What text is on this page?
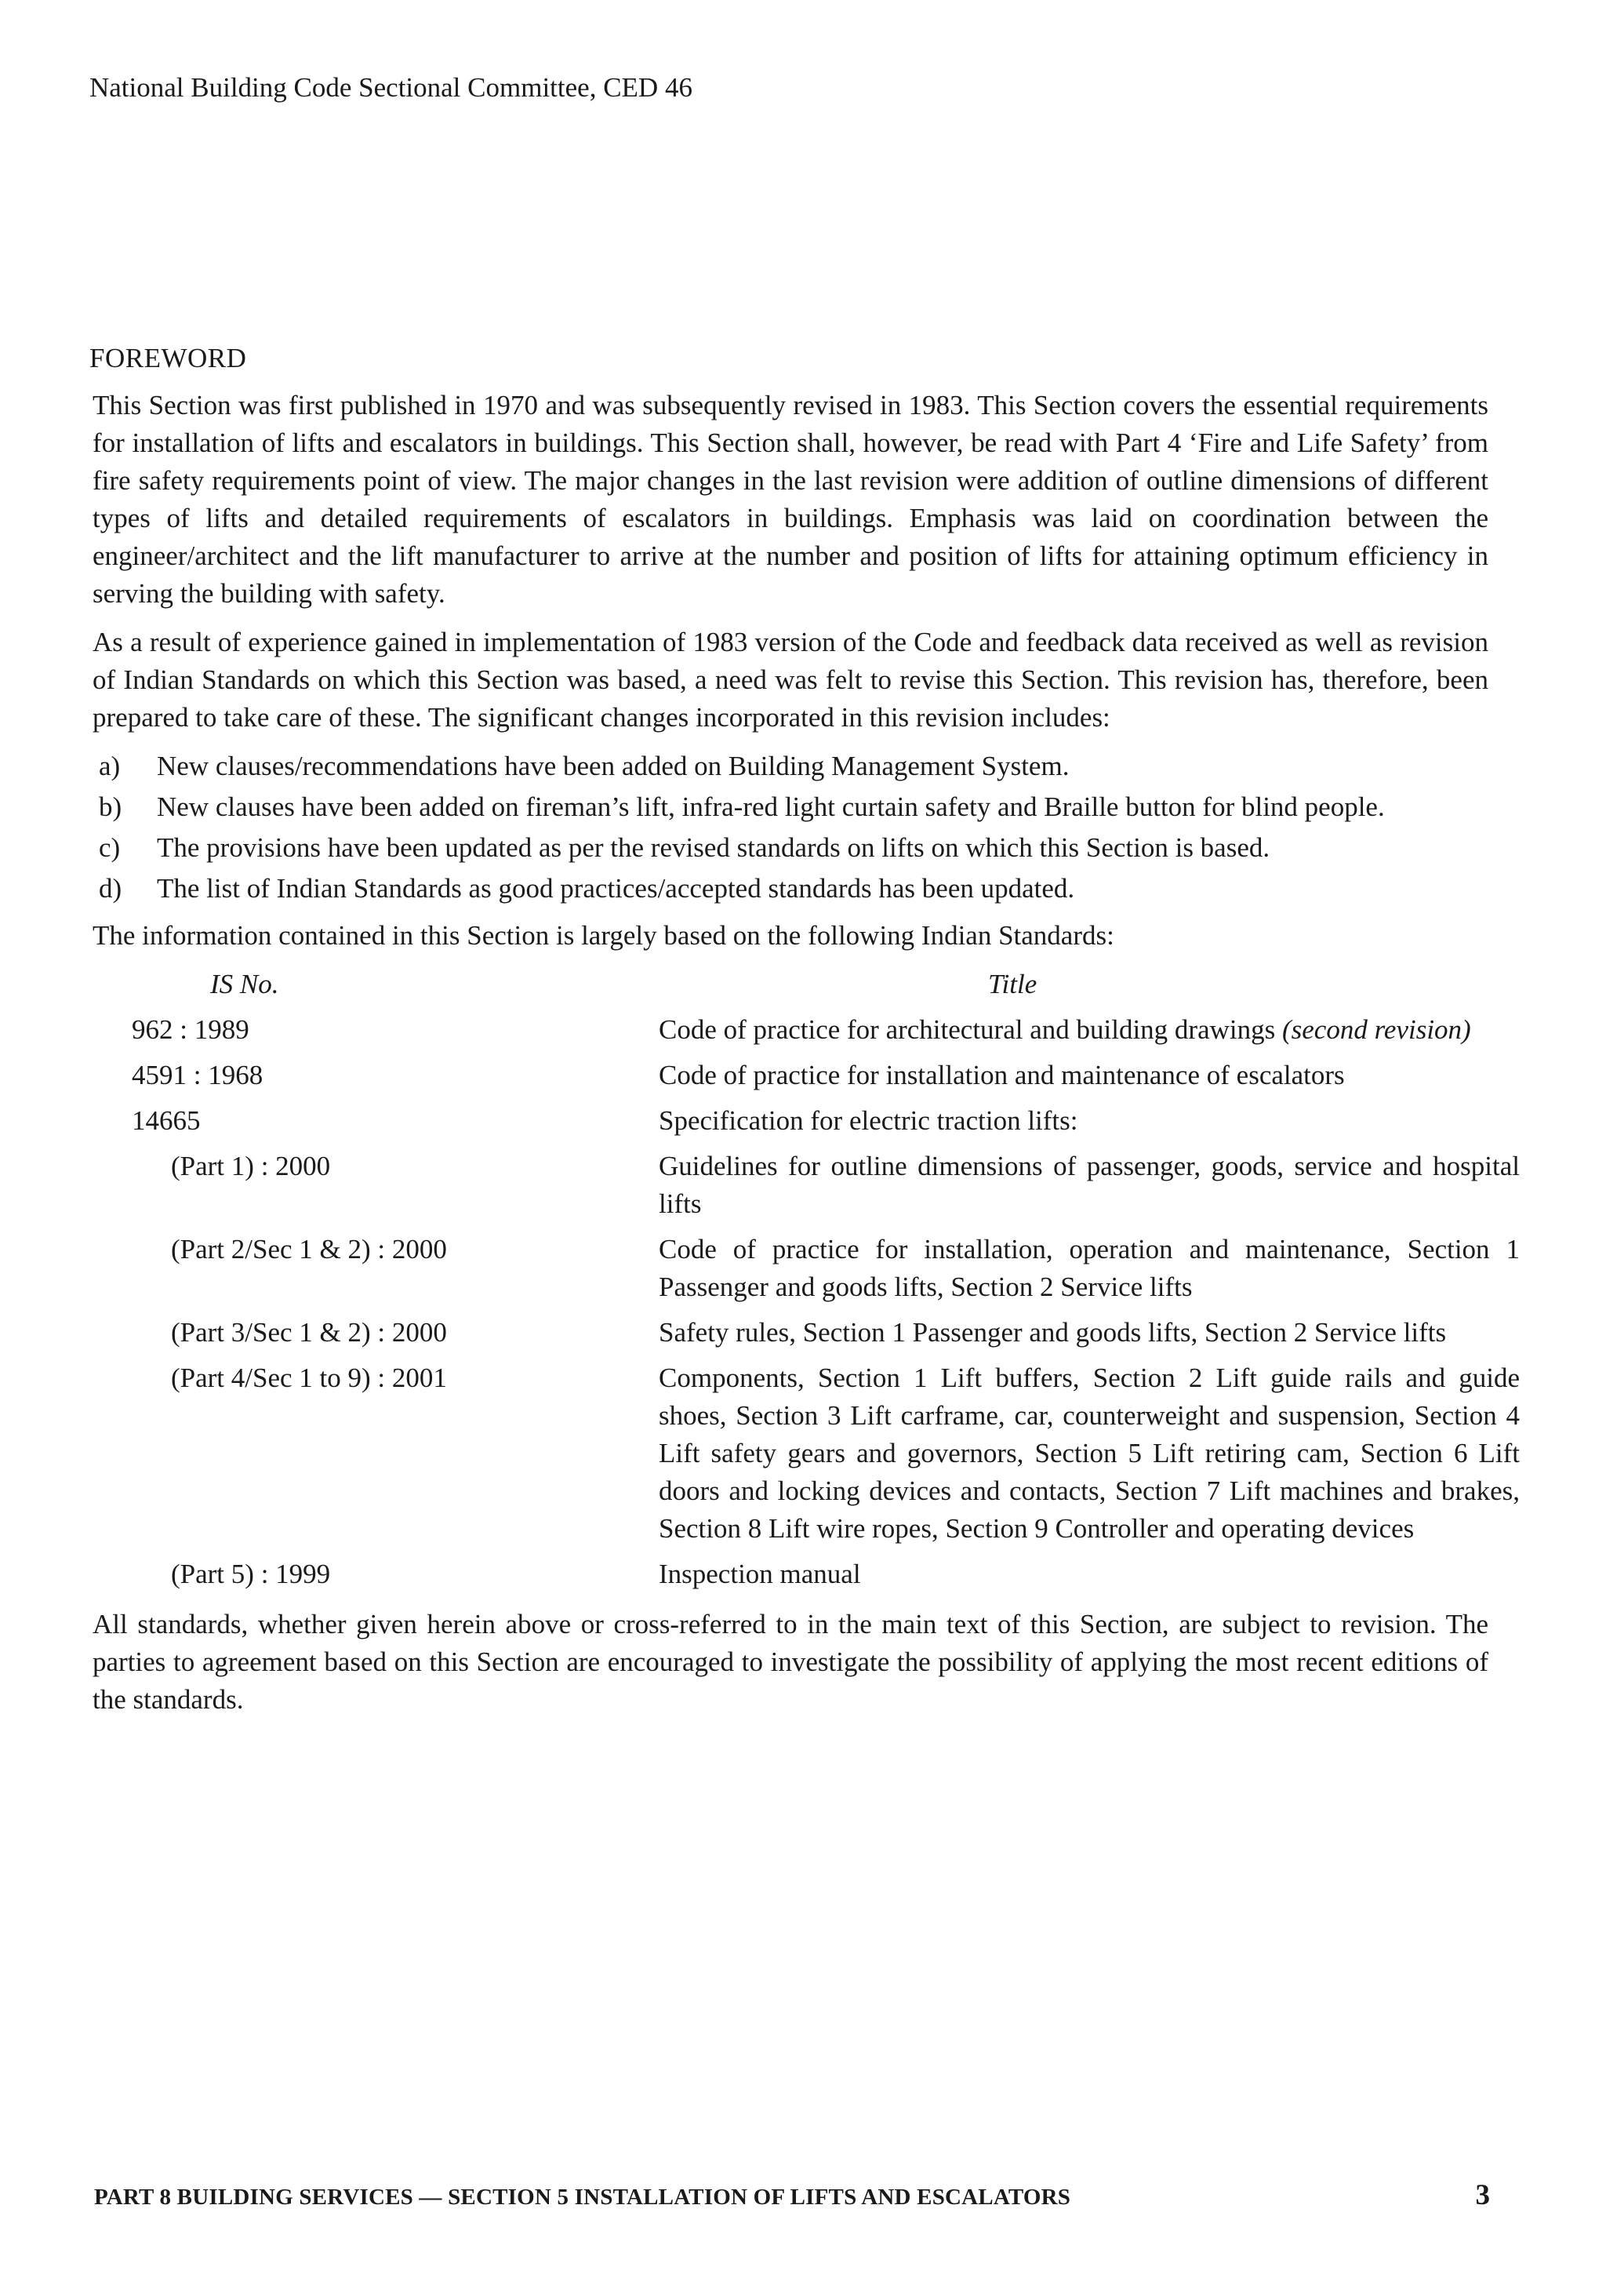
National Building Code Sectional Committee, CED 46
FOREWORD

This Section was first published in 1970 and was subsequently revised in 1983. This Section covers the essential requirements for installation of lifts and escalators in buildings. This Section shall, however, be read with Part 4 ‘Fire and Life Safety’ from fire safety requirements point of view. The major changes in the last revision were addition of outline dimensions of different types of lifts and detailed requirements of escalators in buildings. Emphasis was laid on coordination between the engineer/architect and the lift manufacturer to arrive at the number and position of lifts for attaining optimum efficiency in serving the building with safety.

As a result of experience gained in implementation of 1983 version of the Code and feedback data received as well as revision of Indian Standards on which this Section was based, a need was felt to revise this Section. This revision has, therefore, been prepared to take care of these. The significant changes incorporated in this revision includes:

a)	New clauses/recommendations have been added on Building Management System.
b)	New clauses have been added on fireman’s lift, infra-red light curtain safety and Braille button for blind people.
c)	The provisions have been updated as per the revised standards on lifts on which this Section is based.
d)	The list of Indian Standards as good practices/accepted standards has been updated.

The information contained in this Section is largely based on the following Indian Standards:

IS No.	Title
962 : 1989	Code of practice for architectural and building drawings (second revision)
4591 : 1968	Code of practice for installation and maintenance of escalators
14665	Specification for electric traction lifts:
(Part 1) : 2000	Guidelines for outline dimensions of passenger, goods, service and hospital lifts
(Part 2/Sec 1 & 2) : 2000	Code of practice for installation, operation and maintenance, Section 1 Passenger and goods lifts, Section 2 Service lifts
(Part 3/Sec 1 & 2) : 2000	Safety rules, Section 1 Passenger and goods lifts, Section 2 Service lifts
(Part 4/Sec 1 to 9) : 2001	Components, Section 1 Lift buffers, Section 2 Lift guide rails and guide shoes, Section 3 Lift carframe, car, counterweight and suspension, Section 4 Lift safety gears and governors, Section 5 Lift retiring cam, Section 6 Lift doors and locking devices and contacts, Section 7 Lift machines and brakes, Section 8 Lift wire ropes, Section 9 Controller and operating devices
(Part 5) : 1999	Inspection manual

All standards, whether given herein above or cross-referred to in the main text of this Section, are subject to revision. The parties to agreement based on this Section are encouraged to investigate the possibility of applying the most recent editions of the standards.

PART 8 BUILDING SERVICES — SECTION 5 INSTALLATION OF LIFTS AND ESCALATORS	3
